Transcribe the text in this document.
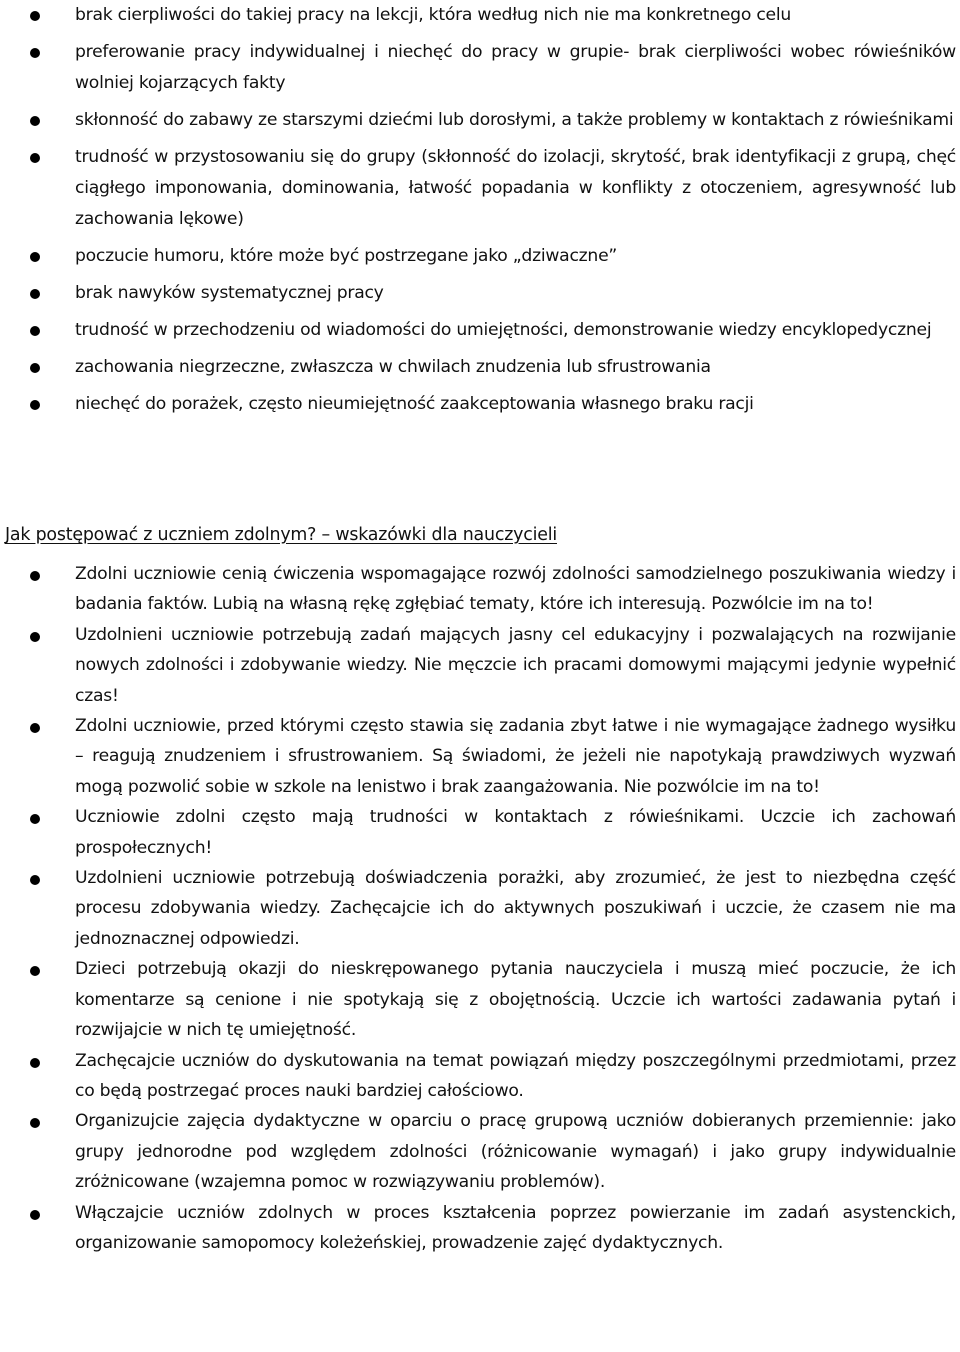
brak cierpliwości do takiej pracy na lekcji, która według nich nie ma konkretnego celu
preferowanie pracy indywidualnej i niechęć do pracy w grupie- brak cierpliwości wobec rówieśników wolniej kojarzących fakty
skłonność do zabawy ze starszymi dziećmi lub dorosłymi, a także problemy w kontaktach z rówieśnikami
trudność w przystosowaniu się do grupy (skłonność do izolacji, skrytość, brak identyfikacji z grupą, chęć ciągłego imponowania, dominowania, łatwość popadania w konflikty z otoczeniem, agresywność lub zachowania lękowe)
poczucie humoru, które może być postrzegane jako „dziwaczne”
brak nawyków systematycznej pracy
trudność w przechodzeniu od wiadomości do umiejętności, demonstrowanie wiedzy encyklopedycznej
zachowania niegrzeczne, zwłaszcza w chwilach znudzenia lub sfrustrowania
niechęć do porażek, często nieumiejętność zaakceptowania własnego braku racji
Jak postępować z uczniem zdolnym? – wskazówki dla nauczycieli
Zdolni uczniowie cenią ćwiczenia wspomagające rozwój zdolności samodzielnego poszukiwania wiedzy i badania faktów. Lubią na własną rękę zgłębiać tematy, które ich interesują. Pozwólcie im na to!
Uzdolnieni uczniowie potrzebują zadań mających jasny cel edukacyjny i pozwalających na rozwijanie nowych zdolności i zdobywanie wiedzy. Nie męczcie ich pracami domowymi mającymi jedynie wypełnić czas!
Zdolni uczniowie, przed którymi często stawia się zadania zbyt łatwe i nie wymagające żadnego wysiłku – reagują znudzeniem i sfrustrowaniem. Są świadomi, że jeżeli nie napotykają prawdziwych wyzwań mogą pozwolić sobie w szkole na lenistwo i brak zaangażowania. Nie pozwólcie im na to!
Uczniowie zdolni często mają trudności w kontaktach z rówieśnikami. Uczcie ich zachowań prospołecznych!
Uzdolnieni uczniowie potrzebują doświadczenia porażki, aby zrozumieć, że jest to niezbędna część procesu zdobywania wiedzy. Zachęcajcie ich do aktywnych poszukiwań i uczcie, że czasem nie ma jednoznacznej odpowiedzi.
Dzieci potrzebują okazji do nieskrępowanego pytania nauczyciela i muszą mieć poczucie, że ich komentarze są cenione i nie spotykają się z obojętnością. Uczcie ich wartości zadawania pytań i rozwijajcie w nich tę umiejętność.
Zachęcajcie uczniów do dyskutowania na temat powiązań między poszczególnymi przedmiotami, przez co będą postrzegać proces nauki bardziej całościowo.
Organizujcie zajęcia dydaktyczne w oparciu o pracę grupową uczniów dobieranych przemiennie: jako grupy jednorodne pod względem zdolności (różnicowanie wymagań) i jako grupy indywidualnie zróżnicowane (wzajemna pomoc w rozwiązywaniu problemów).
Włączajcie uczniów zdolnych w proces kształcenia poprzez powierzanie im zadań asystenckich, organizowanie samopomocy koleżeńskiej, prowadzenie zajęć dydaktycznych.
